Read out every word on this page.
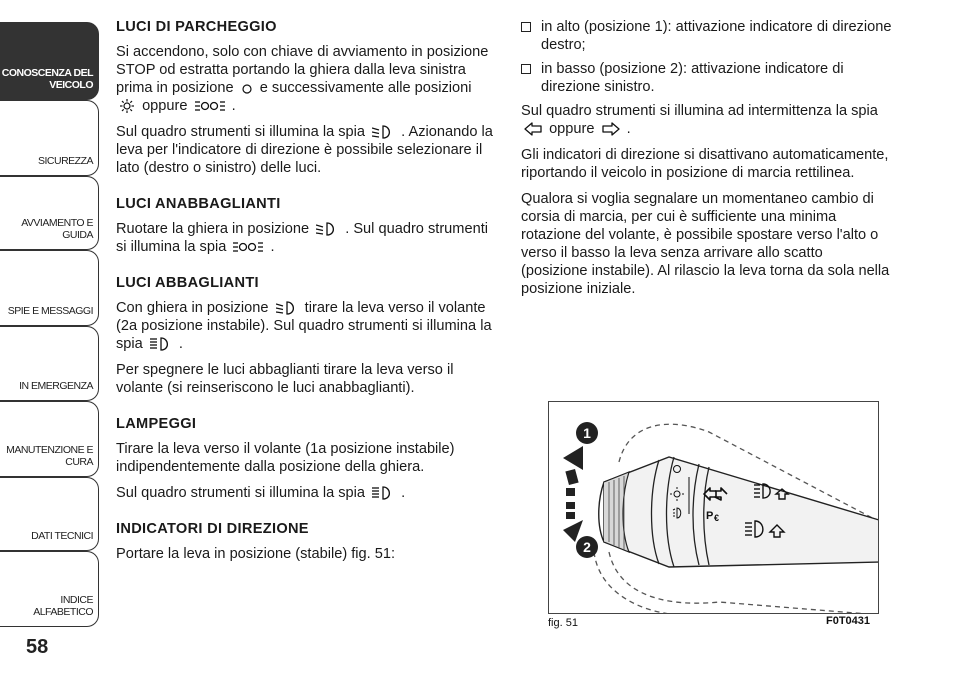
CONOSCENZA DEL VEICOLO
SICUREZZA
AVVIAMENTO E GUIDA
SPIE E MESSAGGI
IN EMERGENZA
MANUTENZIONE E CURA
DATI TECNICI
INDICE ALFABETICO
58
LUCI DI PARCHEGGIO

Si accendono, solo con chiave di avviamento in posizione STOP od estratta portando la ghiera dalla leva sinistra prima in posizione e successivamente alle posizioni  oppure	.

Sul quadro strumenti si illumina la spia . Azionando la leva per l'indicatore di direzione è possibile selezionare il lato (destro o sinistro) delle luci.

LUCI ANABBAGLIANTI

Ruotare la ghiera in posizione . Sul quadro strumenti si illumina la spia	.

LUCI ABBAGLIANTI

Con ghiera in posizione tirare la leva verso il volante (2a posizione instabile). Sul quadro strumenti si illumina la spia .

Per spegnere le luci abbaglianti tirare la leva verso il volante (si reinseriscono le luci anabbaglianti).

LAMPEGGI

Tirare la leva verso il volante (1a posizione instabile) indipendentemente dalla posizione della ghiera.

Sul quadro strumenti si illumina la spia .

INDICATORI DI DIREZIONE

Portare la leva in posizione (stabile) fig. 51:

in alto (posizione 1): attivazione indicatore di direzione destro;
in basso (posizione 2): attivazione indicatore di direzione sinistro.

Sul quadro strumenti si illumina ad intermittenza la spia  oppure .

Gli indicatori di direzione si disattivano automaticamente, riportando il veicolo in posizione di marcia rettilinea.

Qualora si voglia segnalare un momentaneo cambio di corsia di marcia, per cui è sufficiente una minima rotazione del volante, è possibile spostare verso l'alto o verso il basso la leva senza arrivare allo scatto (posizione instabile). Al rilascio la leva torna da sola nella posizione iniziale.

P €
1
2
fig. 51	F0T0431
